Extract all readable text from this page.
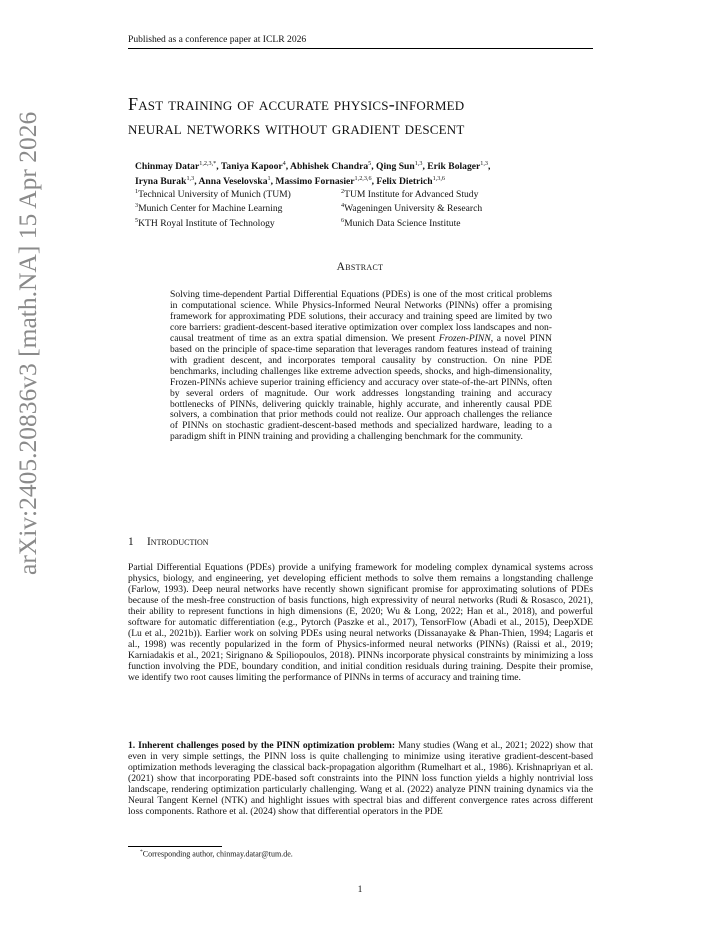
Published as a conference paper at ICLR 2026
arXiv:2405.20836v3 [math.NA] 15 Apr 2026
Fast training of accurate physics-informed
neural networks without gradient descent
Chinmay Datar$^{1,2,3,*}$, Taniya Kapoor$^4$, Abhishek Chandra$^5$, Qing Sun$^{1,3}$, Erik Bolager$^{1,3}$,
Iryna Burak$^{1,3}$, Anna Veselovska$^1$, Massimo Fornasier$^{1,2,3,6}$, Felix Dietrich$^{1,3,6}$
$^1$Technical University of Munich (TUM)	$^2$TUM Institute for Advanced Study
$^3$Munich Center for Machine Learning	$^4$Wageningen University & Research
$^5$KTH Royal Institute of Technology	$^6$Munich Data Science Institute
Abstract

Solving time-dependent Partial Differential Equations (PDEs) is one of the most critical problems in computational science. While Physics-Informed Neural Networks (PINNs) offer a promising framework for approximating PDE solutions, their accuracy and training speed are limited by two core barriers: gradient-descent-based iterative optimization over complex loss landscapes and non-causal treatment of time as an extra spatial dimension. We present Frozen-PINN, a novel PINN based on the principle of space-time separation that leverages random features instead of training with gradient descent, and incorporates temporal causality by construction. On nine PDE benchmarks, including challenges like extreme advection speeds, shocks, and high-dimensionality, Frozen-PINNs achieve superior training efficiency and accuracy over state-of-the-art PINNs, often by several orders of magnitude. Our work addresses longstanding training and accuracy bottlenecks of PINNs, delivering quickly trainable, highly accurate, and inherently causal PDE solvers, a combination that prior methods could not realize. Our approach challenges the reliance of PINNs on stochastic gradient-descent-based methods and specialized hardware, leading to a paradigm shift in PINN training and providing a challenging benchmark for the community.

1 Introduction

Partial Differential Equations (PDEs) provide a unifying framework for modeling complex dynamical systems across physics, biology, and engineering, yet developing efficient methods to solve them remains a longstanding challenge (Farlow, 1993). Deep neural networks have recently shown significant promise for approximating solutions of PDEs because of the mesh-free construction of basis functions, high expressivity of neural networks (Rudi & Rosasco, 2021), their ability to represent functions in high dimensions (E, 2020; Wu & Long, 2022; Han et al., 2018), and powerful software for automatic differentiation (e.g., Pytorch (Paszke et al., 2017), TensorFlow (Abadi et al., 2015), DeepXDE (Lu et al., 2021b)). Earlier work on solving PDEs using neural networks (Dissanayake & Phan-Thien, 1994; Lagaris et al., 1998) was recently popularized in the form of Physics-informed neural networks (PINNs) (Raissi et al., 2019; Karniadakis et al., 2021; Sirignano & Spiliopoulos, 2018). PINNs incorporate physical constraints by minimizing a loss function involving the PDE, boundary condition, and initial condition residuals during training. Despite their promise, we identify two root causes limiting the performance of PINNs in terms of accuracy and training time.

1. Inherent challenges posed by the PINN optimization problem: Many studies (Wang et al., 2021; 2022) show that even in very simple settings, the PINN loss is quite challenging to minimize using iterative gradient-descent-based optimization methods leveraging the classical back-propagation algorithm (Rumelhart et al., 1986). Krishnapriyan et al. (2021) show that incorporating PDE-based soft constraints into the PINN loss function yields a highly nontrivial loss landscape, rendering optimization particularly challenging. Wang et al. (2022) analyze PINN training dynamics via the Neural Tangent Kernel (NTK) and highlight issues with spectral bias and different convergence rates across different loss components. Rathore et al. (2024) show that differential operators in the PDE

*Corresponding author, chinmay.datar@tum.de.
1
